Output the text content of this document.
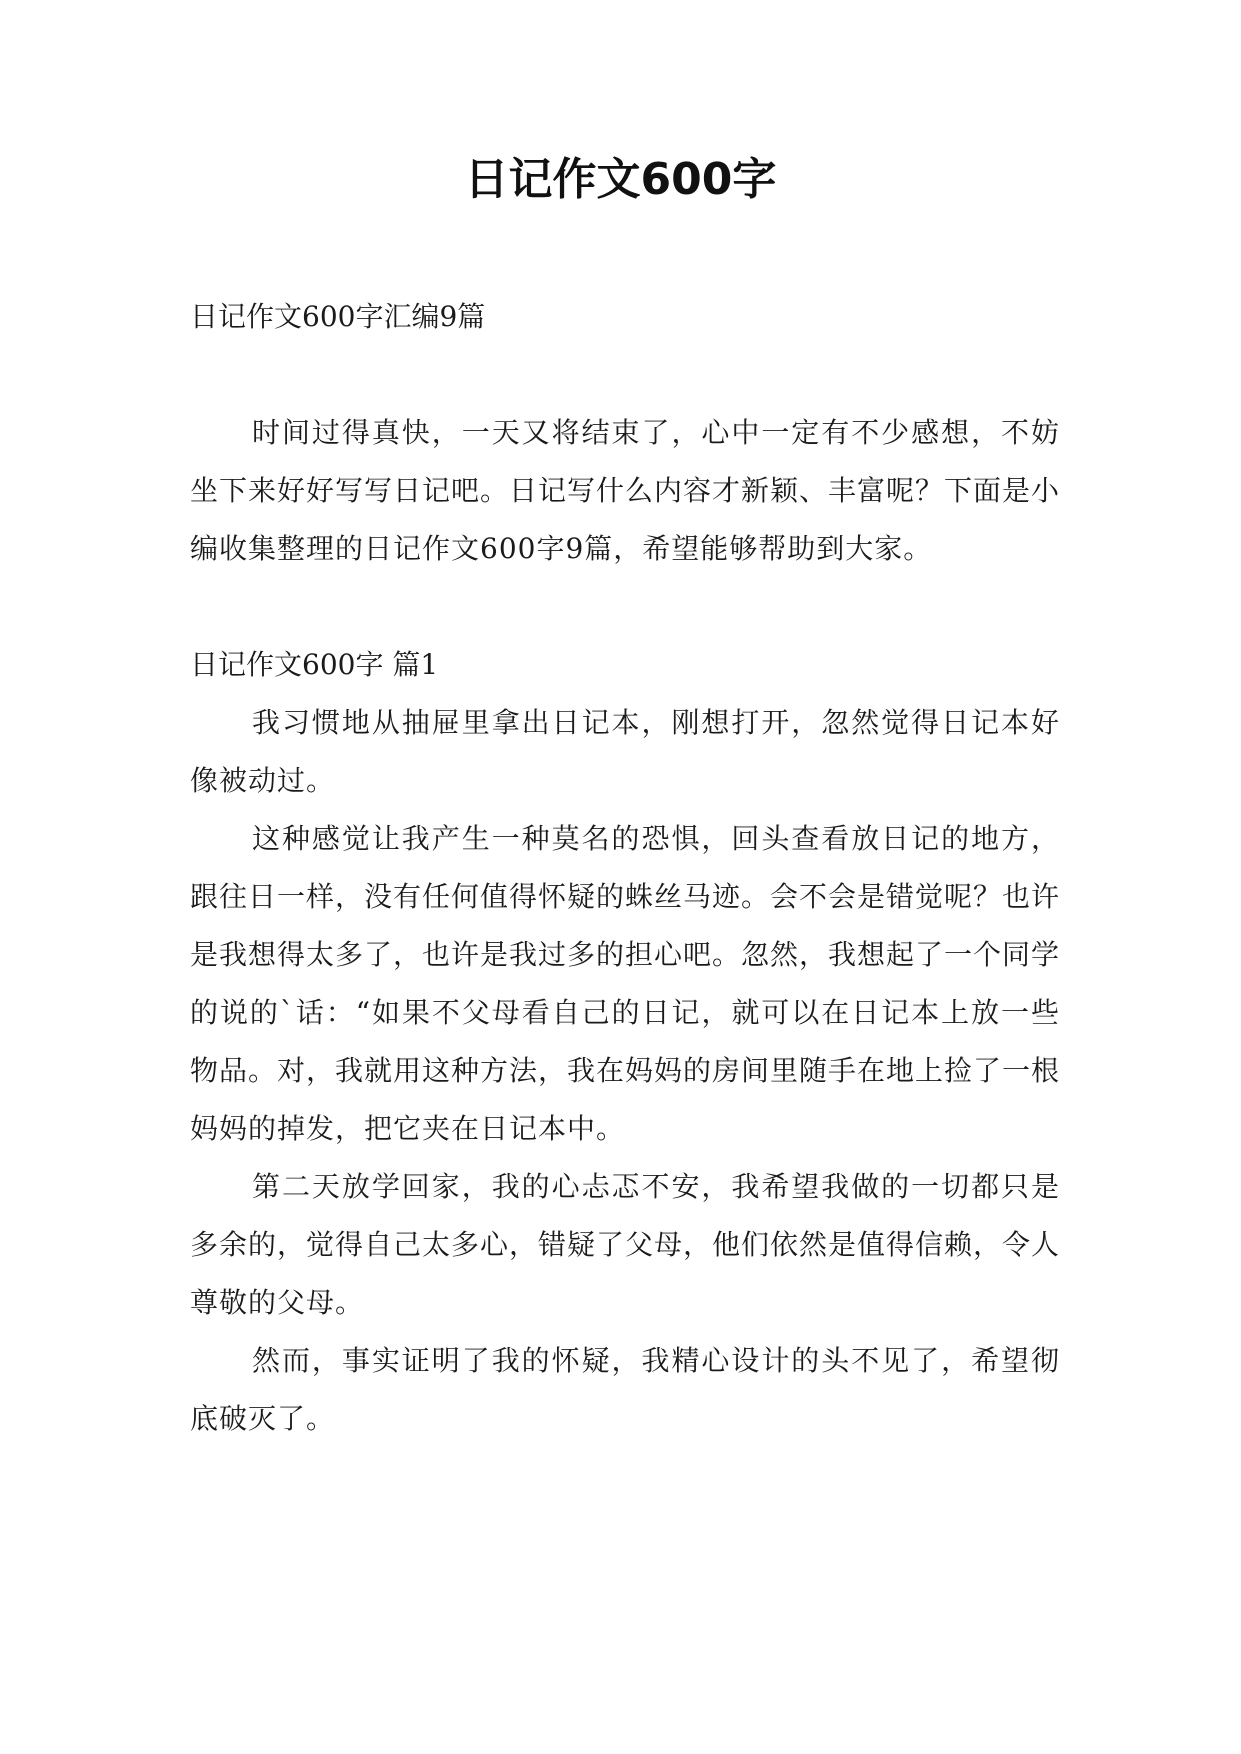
日记作文600字

日记作文600字汇编9篇

时间过得真快，一天又将结束了，心中一定有不少感想，不妨坐下来好好写写日记吧。日记写什么内容才新颖、丰富呢？下面是小编收集整理的日记作文600字9篇，希望能够帮助到大家。

日记作文600字 篇1

我习惯地从抽屉里拿出日记本，刚想打开，忽然觉得日记本好像被动过。

这种感觉让我产生一种莫名的恐惧，回头查看放日记的地方，跟往日一样，没有任何值得怀疑的蛛丝马迹。会不会是错觉呢？也许是我想得太多了，也许是我过多的担心吧。忽然，我想起了一个同学的说的`话：“如果不父母看自己的日记，就可以在日记本上放一些物品。对，我就用这种方法，我在妈妈的房间里随手在地上捡了一根妈妈的掉发，把它夹在日记本中。

第二天放学回家，我的心忐忑不安，我希望我做的一切都只是多余的，觉得自己太多心，错疑了父母，他们依然是值得信赖，令人尊敬的父母。

然而，事实证明了我的怀疑，我精心设计的头不见了，希望彻底破灭了。
